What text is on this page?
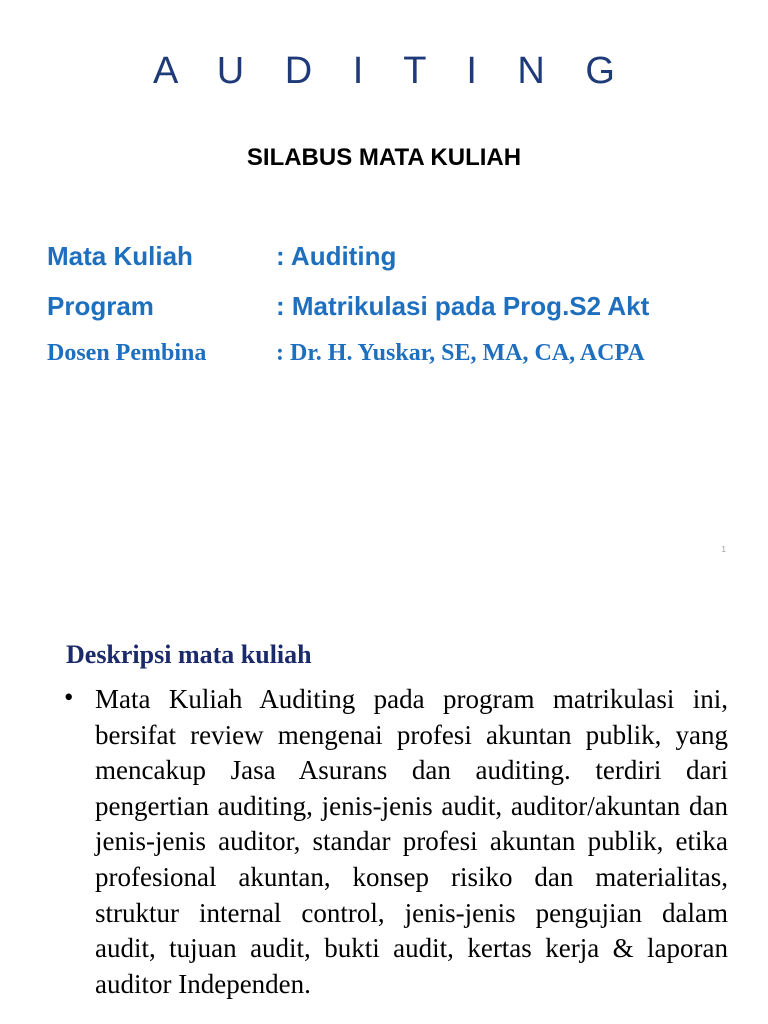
A U D I T I N G
SILABUS MATA KULIAH
Mata Kuliah	: Auditing
Program	: Matrikulasi pada Prog.S2 Akt
Dosen Pembina	: Dr. H. Yuskar, SE, MA, CA, ACPA
1
Deskripsi mata kuliah
• Mata Kuliah Auditing pada program matrikulasi ini, bersifat review mengenai profesi akuntan publik, yang mencakup Jasa Asurans dan auditing. terdiri dari pengertian auditing, jenis-jenis audit, auditor/akuntan dan jenis-jenis auditor, standar profesi akuntan publik, etika profesional akuntan, konsep risiko dan materialitas, struktur internal control, jenis-jenis pengujian dalam audit, tujuan audit, bukti audit, kertas kerja & laporan auditor Independen.
